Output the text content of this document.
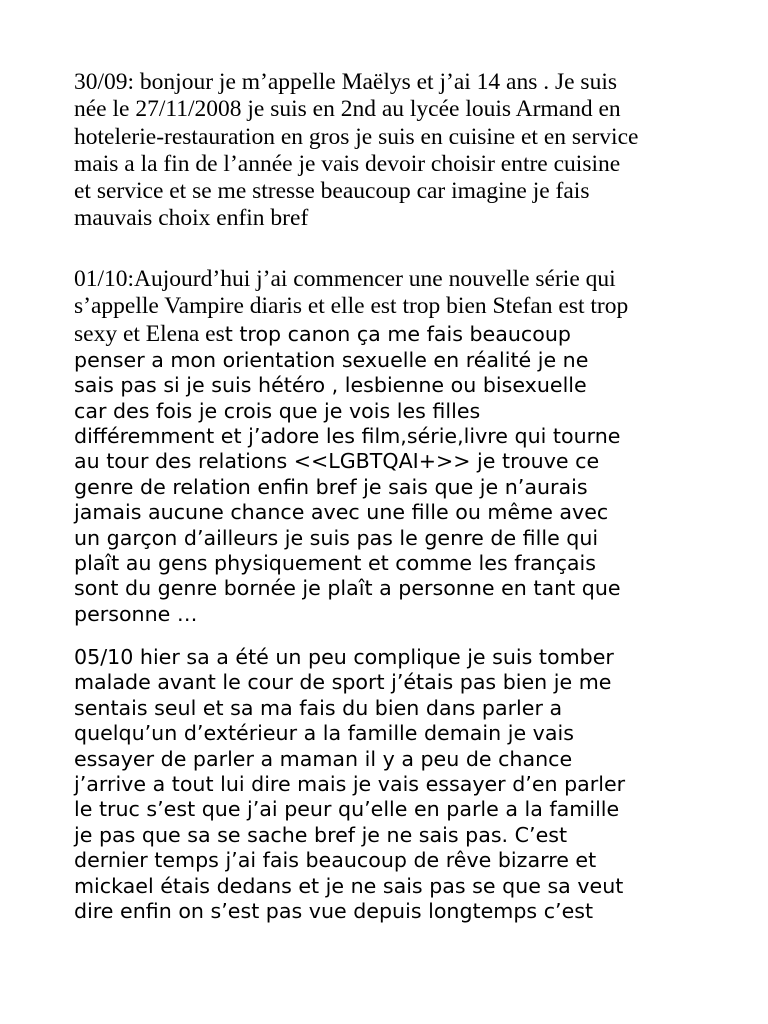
30/09: bonjour je m’appelle Maëlys et j’ai 14 ans . Je suis
née le 27/11/2008 je suis en 2nd au lycée louis Armand en
hotelerie-restauration en gros je suis en cuisine et en service
mais a la fin de l’année je vais devoir choisir entre cuisine
et service et se me stresse beaucoup car imagine je fais
mauvais choix enfin bref
01/10:Aujourd’hui j’ai commencer une nouvelle série qui
s’appelle Vampire diaris et elle est trop bien Stefan est trop
sexy et Elena est trop canon ça me fais beaucoup
penser a mon orientation sexuelle en réalité je ne
sais pas si je suis hétéro , lesbienne ou bisexuelle
car des fois je crois que je vois les filles
différemment et j’adore les film,série,livre qui tourne
au tour des relations <<LGBTQAI+>> je trouve ce
genre de relation enfin bref je sais que je n’aurais
jamais aucune chance avec une fille ou même avec
un garçon d’ailleurs je suis pas le genre de fille qui
plaît au gens physiquement et comme les français
sont du genre bornée je plaît a personne en tant que
personne …
05/10 hier sa a été un peu complique je suis tomber
malade avant le cour de sport j’étais pas bien je me
sentais seul et sa ma fais du bien dans parler a
quelqu’un d’extérieur a la famille demain je vais
essayer de parler a maman il y a peu de chance
j’arrive a tout lui dire mais je vais essayer d’en parler
le truc s’est que j’ai peur qu’elle en parle a la famille
je pas que sa se sache bref je ne sais pas. C’est
dernier temps j’ai fais beaucoup de rêve bizarre et
mickael étais dedans et je ne sais pas se que sa veut
dire enfin on s’est pas vue depuis longtemps c’est
